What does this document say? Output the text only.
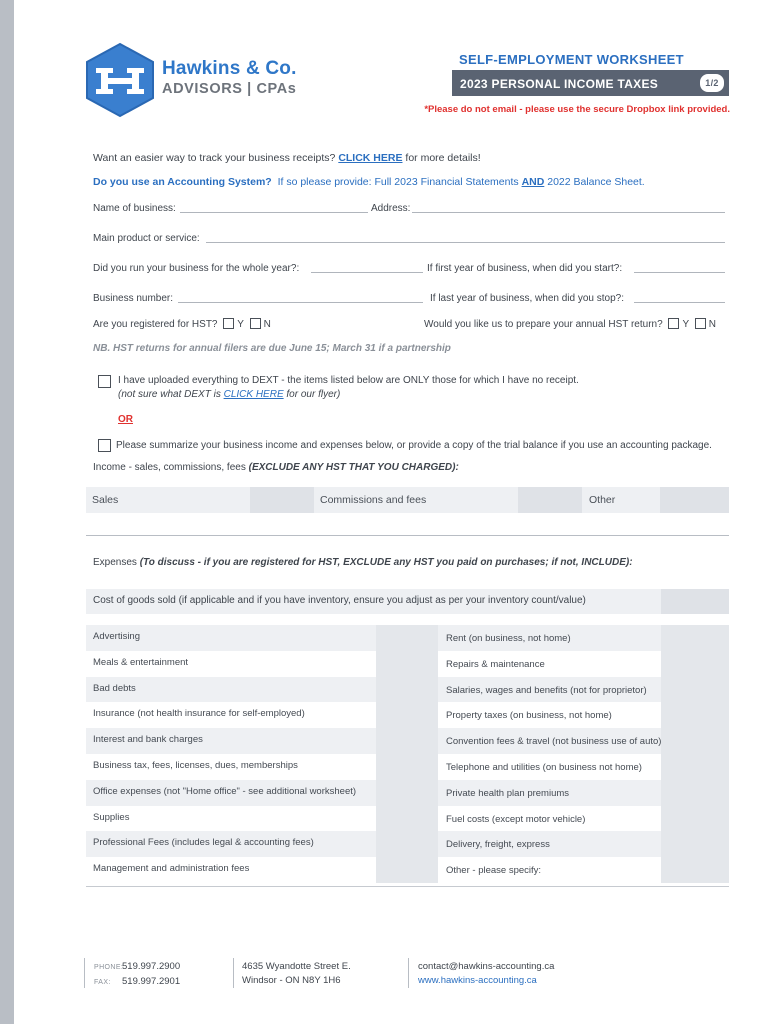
Hawkins & Co.
ADVISORS | CPAs
SELF-EMPLOYMENT WORKSHEET
2023 PERSONAL INCOME TAXES	1/2
*Please do not email - please use the secure Dropbox link provided.
Want an easier way to track your business receipts? CLICK HERE for more details!
Do you use an Accounting System? If so please provide: Full 2023 Financial Statements AND 2022 Balance Sheet.
Name of business:	Address:
Main product or service:
Did you run your business for the whole year?:	If first year of business, when did you start?:
Business number:	If last year of business, when did you stop?:
Are you registered for HST? Y N	Would you like us to prepare your annual HST return? Y N
NB. HST returns for annual filers are due June 15; March 31 if a partnership
I have uploaded everything to DEXT - the items listed below are ONLY those for which I have no receipt.
(not sure what DEXT is CLICK HERE for our flyer)
OR
Please summarize your business income and expenses below, or provide a copy of the trial balance if you use an accounting package.
Income - sales, commissions, fees (EXCLUDE ANY HST THAT YOU CHARGED):
Sales	Commissions and fees	Other
Expenses (To discuss - if you are registered for HST, EXCLUDE any HST you paid on purchases; if not, INCLUDE):
Cost of goods sold (if applicable and if you have inventory, ensure you adjust as per your inventory count/value)
Advertising	Rent (on business, not home)
Meals & entertainment	Repairs & maintenance
Bad debts	Salaries, wages and benefits (not for proprietor)
Insurance (not health insurance for self-employed)	Property taxes (on business, not home)
Interest and bank charges	Convention fees & travel (not business use of auto)
Business tax, fees, licenses, dues, memberships	Telephone and utilities (on business not home)
Office expenses (not "Home office" - see additional worksheet)	Private health plan premiums
Supplies	Fuel costs (except motor vehicle)
Professional Fees (includes legal & accounting fees)	Delivery, freight, express
Management and administration fees	Other - please specify:
PHONE:519.997.2900
FAX: 519.997.2901
4635 Wyandotte Street E.
Windsor - ON N8Y 1H6
contact@hawkins-accounting.ca
www.hawkins-accounting.ca
